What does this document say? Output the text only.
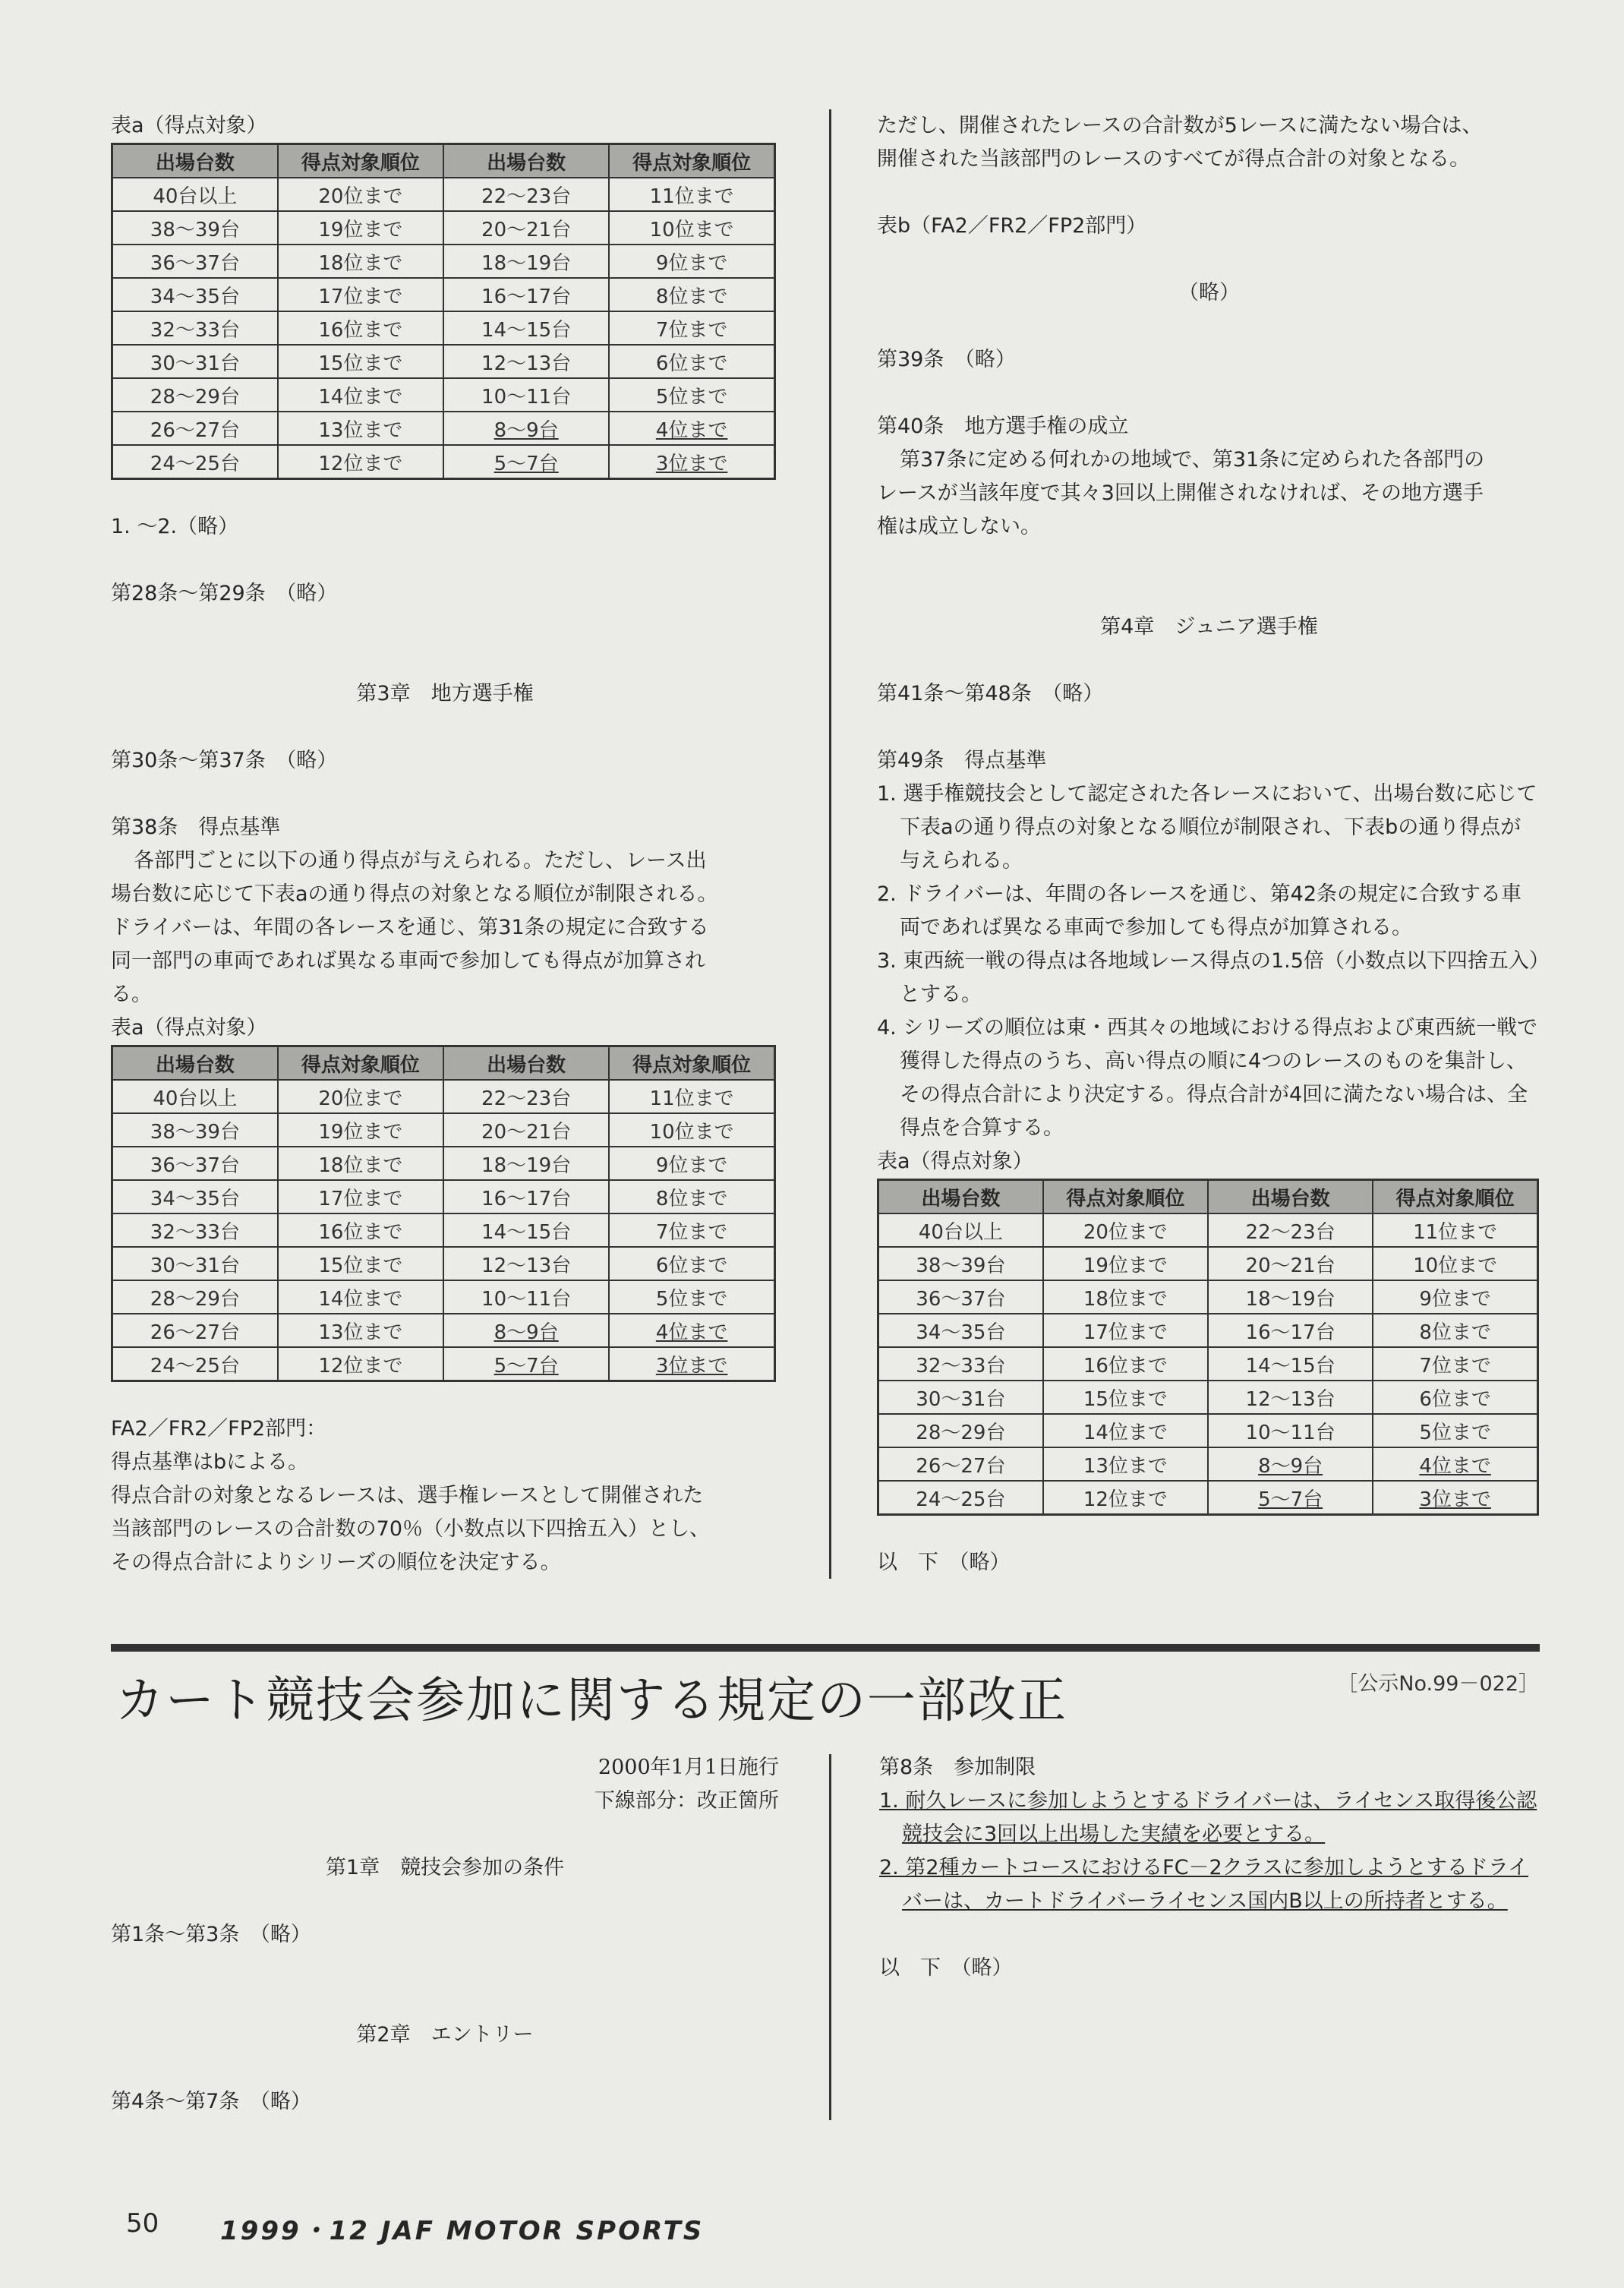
表a（得点対象）
出場台数	得点対象順位	出場台数	得点対象順位
40台以上	20位まで	22～23台	11位まで
38～39台	19位まで	20～21台	10位まで
36～37台	18位まで	18～19台	9位まで
34～35台	17位まで	16～17台	8位まで
32～33台	16位まで	14～15台	7位まで
30～31台	15位まで	12～13台	6位まで
28～29台	14位まで	10～11台	5位まで
26～27台	13位まで	8～9台	4位まで
24～25台	12位まで	5～7台	3位まで
1. ～2.（略）
第28条～第29条　（略）
第3章　地方選手権
第30条～第37条　（略）
第38条　得点基準
各部門ごとに以下の通り得点が与えられる。ただし、レース出
場台数に応じて下表aの通り得点の対象となる順位が制限される。
ドライバーは、年間の各レースを通じ、第31条の規定に合致する
同一部門の車両であれば異なる車両で参加しても得点が加算され
る。
表a（得点対象）
出場台数	得点対象順位	出場台数	得点対象順位
40台以上	20位まで	22～23台	11位まで
38～39台	19位まで	20～21台	10位まで
36～37台	18位まで	18～19台	9位まで
34～35台	17位まで	16～17台	8位まで
32～33台	16位まで	14～15台	7位まで
30～31台	15位まで	12～13台	6位まで
28～29台	14位まで	10～11台	5位まで
26～27台	13位まで	8～9台	4位まで
24～25台	12位まで	5～7台	3位まで
FA2／FR2／FP2部門：
得点基準はbによる。
得点合計の対象となるレースは、選手権レースとして開催された
当該部門のレースの合計数の70％（小数点以下四捨五入）とし、
その得点合計によりシリーズの順位を決定する。
ただし、開催されたレースの合計数が5レースに満たない場合は、
開催された当該部門のレースのすべてが得点合計の対象となる。
表b（FA2／FR2／FP2部門）
（略）
第39条　（略）
第40条　地方選手権の成立
第37条に定める何れかの地域で、第31条に定められた各部門の
レースが当該年度で其々3回以上開催されなければ、その地方選手
権は成立しない。
第4章　ジュニア選手権
第41条～第48条　（略）
第49条　得点基準
1. 選手権競技会として認定された各レースにおいて、出場台数に応じて下表aの通り得点の対象となる順位が制限され、下表bの通り得点が与えられる。
2. ドライバーは、年間の各レースを通じ、第42条の規定に合致する車両であれば異なる車両で参加しても得点が加算される。
3. 東西統一戦の得点は各地域レース得点の1.5倍（小数点以下四捨五入）とする。
4. シリーズの順位は東・西其々の地域における得点および東西統一戦で獲得した得点のうち、高い得点の順に4つのレースのものを集計し、その得点合計により決定する。得点合計が4回に満たない場合は、全得点を合算する。
表a（得点対象）
出場台数	得点対象順位	出場台数	得点対象順位
40台以上	20位まで	22～23台	11位まで
38～39台	19位まで	20～21台	10位まで
36～37台	18位まで	18～19台	9位まで
34～35台	17位まで	16～17台	8位まで
32～33台	16位まで	14～15台	7位まで
30～31台	15位まで	12～13台	6位まで
28～29台	14位まで	10～11台	5位まで
26～27台	13位まで	8～9台	4位まで
24～25台	12位まで	5～7台	3位まで
以　下　（略）
カート競技会参加に関する規定の一部改正	［公示No.99－022］
2000年1月1日施行
下線部分：改正箇所
第1章　競技会参加の条件
第1条～第3条　（略）
第2章　エントリー
第4条～第7条　（略）
第8条　参加制限
1. 耐久レースに参加しようとするドライバーは、ライセンス取得後公認競技会に3回以上出場した実績を必要とする。
2. 第2種カートコースにおけるFC－2クラスに参加しようとするドライバーは、カートドライバーライセンス国内B以上の所持者とする。
以　下　（略）
50 1999・12 JAF MOTOR SPORTS
